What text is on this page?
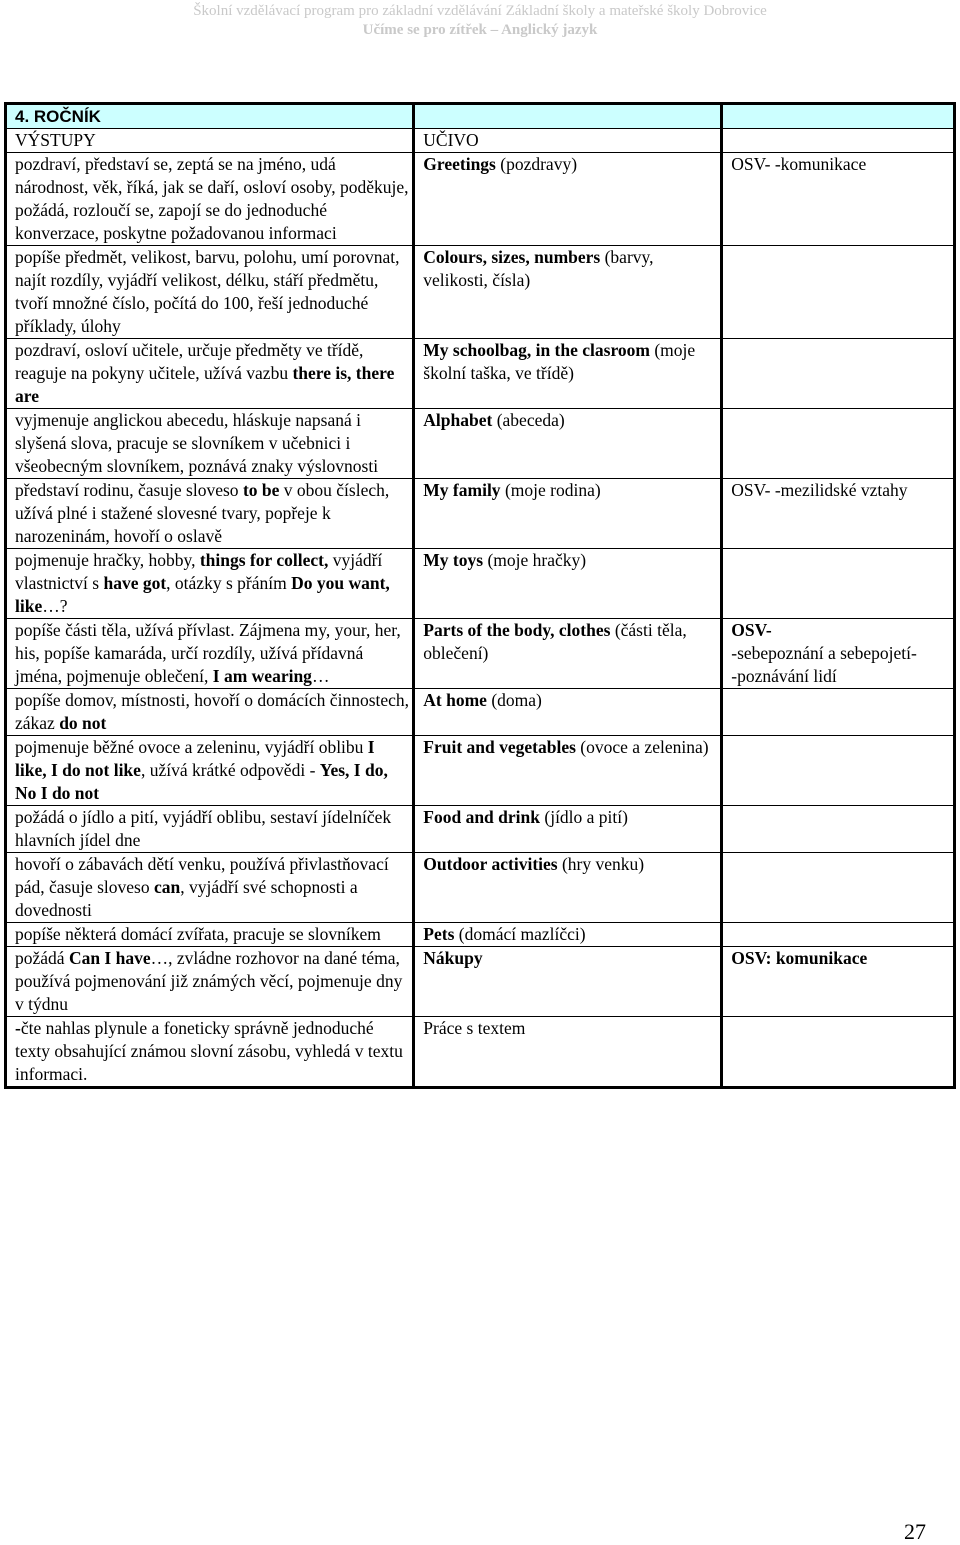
Školní vzdělávací program pro základní vzdělávání Základní školy a mateřské školy Dobrovice
Učíme se pro zítřek – Anglický jazyk
4. ROČNÍK		
VÝSTUPY	UČIVO	
pozdraví, představí se, zeptá se na jméno, udá národnost, věk, říká, jak se daří, osloví osoby, poděkuje, požádá, rozloučí se, zapojí se do jednoduché konverzace, poskytne požadovanou informaci	Greetings (pozdravy)	OSV- -komunikace
popíše předmět, velikost, barvu, polohu, umí porovnat, najít rozdíly, vyjádří velikost, délku, stáří předmětu, tvoří množné číslo, počítá do 100, řeší jednoduché příklady, úlohy	Colours, sizes, numbers (barvy, velikosti, čísla)	
pozdraví, osloví učitele, určuje předměty ve třídě, reaguje na pokyny učitele, užívá vazbu there is, there are	My schoolbag, in the clasroom (moje školní taška, ve třídě)	
vyjmenuje anglickou abecedu, hláskuje napsaná i slyšená slova, pracuje se slovníkem v učebnici i všeobecným slovníkem, poznává znaky výslovnosti	Alphabet (abeceda)	
představí rodinu, časuje sloveso to be v obou číslech, užívá plné i stažené slovesné tvary, popřeje k narozeninám, hovoří o oslavě	My family (moje rodina)	OSV- -mezilidské vztahy
pojmenuje hračky, hobby, things for collect, vyjádří vlastnictví s have got, otázky s přáním Do you want, like…?	My toys (moje hračky)	
popíše části těla, užívá přívlast. Zájmena my, your, her, his, popíše kamaráda, určí rozdíly, užívá přídavná jména, pojmenuje oblečení, I am wearing…	Parts of the body, clothes (části těla, oblečení)	OSV-
-sebepoznání a sebepojetí-
-poznávání lidí

popíše domov, místnosti, hovoří o domácích činnostech, zákaz do not	At home (doma)	
pojmenuje běžné ovoce a zeleninu, vyjádří oblibu I like, I do not like, užívá krátké odpovědi - Yes, I do, No I do not	Fruit and vegetables (ovoce a zelenina)	
požádá o jídlo a pití, vyjádří oblibu, sestaví jídelníček hlavních jídel dne	Food and drink (jídlo a pití)	
hovoří o zábavách dětí venku, používá přivlastňovací pád, časuje sloveso can, vyjádří své schopnosti a dovednosti	Outdoor activities (hry venku)	
popíše některá domácí zvířata, pracuje se slovníkem	Pets (domácí mazlíčci)	
požádá Can I have…, zvládne rozhovor na dané téma, používá pojmenování již známých věcí, pojmenuje dny v týdnu	Nákupy	OSV: komunikace
-čte nahlas plynule a foneticky správně jednoduché texty obsahující známou slovní zásobu, vyhledá v textu informaci.	Práce s textem	
27
